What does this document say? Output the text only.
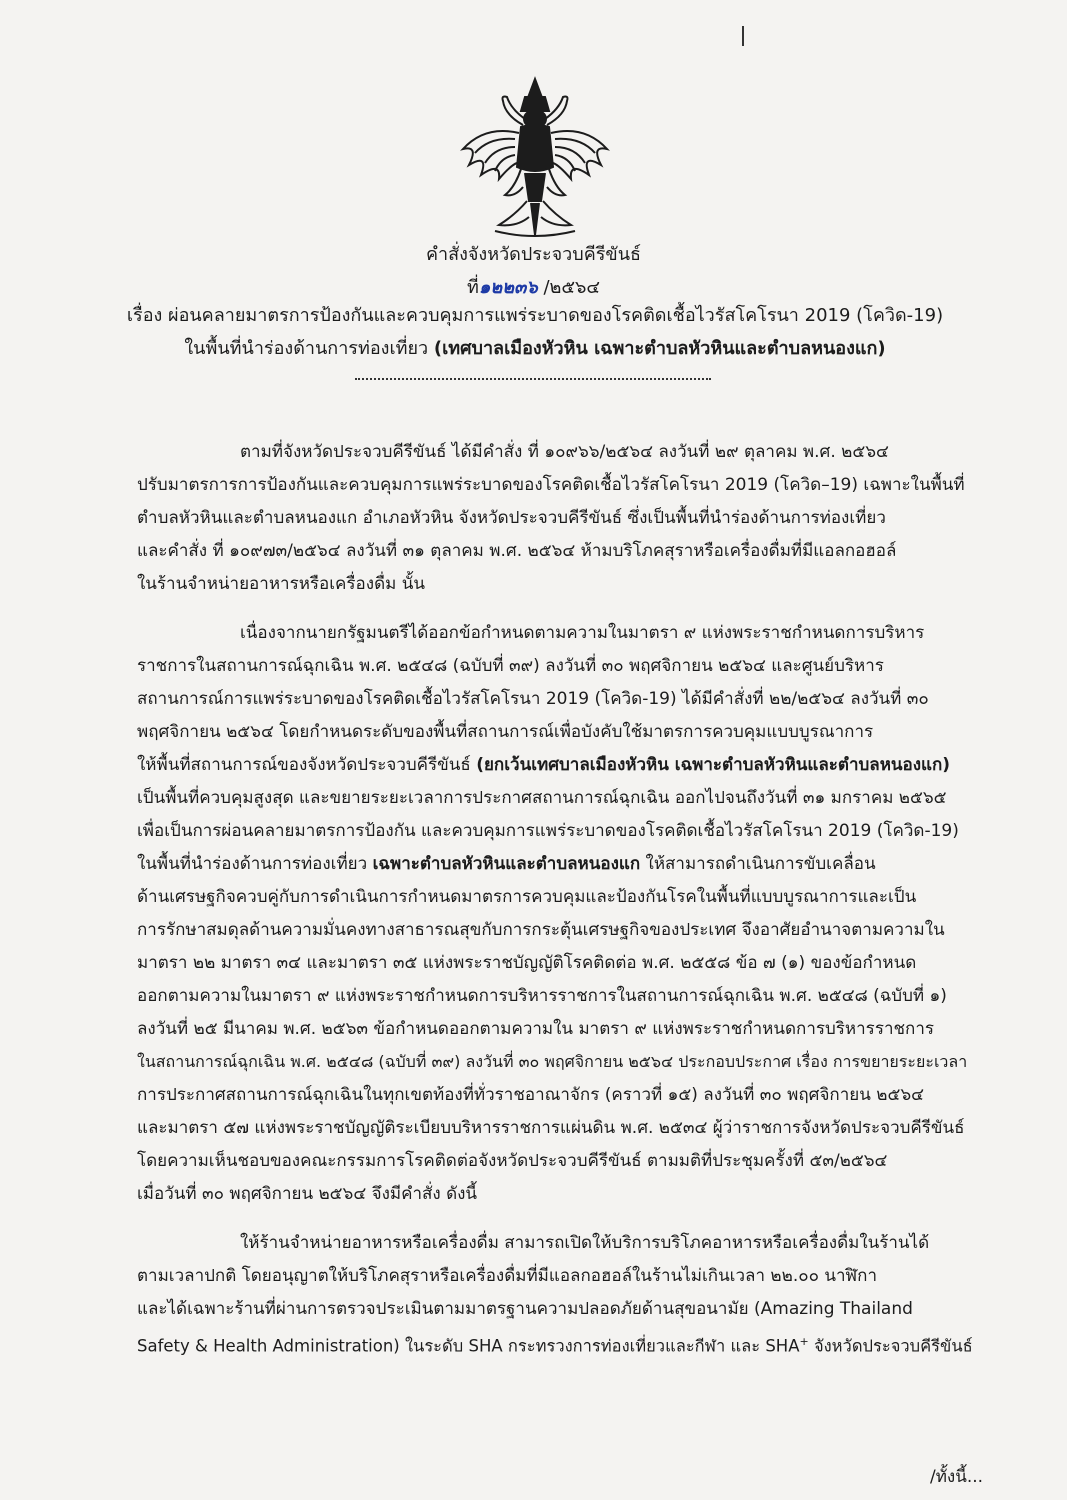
คำสั่งจังหวัดประจวบคีรีขันธ์
ที่๑๒๒๓๖ /๒๕๖๔
เรื่อง ผ่อนคลายมาตรการป้องกันและควบคุมการแพร่ระบาดของโรคติดเชื้อไวรัสโคโรนา 2019 (โควิด-19)
ในพื้นที่นำร่องด้านการท่องเที่ยว (เทศบาลเมืองหัวหิน เฉพาะตำบลหัวหินและตำบลหนองแก)
ตามที่จังหวัดประจวบคีรีขันธ์ ได้มีคำสั่ง ที่ ๑๐๙๖๖/๒๕๖๔ ลงวันที่ ๒๙ ตุลาคม พ.ศ. ๒๕๖๔
ปรับมาตรการการป้องกันและควบคุมการแพร่ระบาดของโรคติดเชื้อไวรัสโคโรนา 2019 (โควิด–19) เฉพาะในพื้นที่
ตำบลหัวหินและตำบลหนองแก อำเภอหัวหิน จังหวัดประจวบคีรีขันธ์ ซึ่งเป็นพื้นที่นำร่องด้านการท่องเที่ยว
และคำสั่ง ที่ ๑๐๙๗๓/๒๕๖๔ ลงวันที่ ๓๑ ตุลาคม พ.ศ. ๒๕๖๔ ห้ามบริโภคสุราหรือเครื่องดื่มที่มีแอลกอฮอล์
ในร้านจำหน่ายอาหารหรือเครื่องดื่ม นั้น
เนื่องจากนายกรัฐมนตรีได้ออกข้อกำหนดตามความในมาตรา ๙ แห่งพระราชกำหนดการบริหาร
ราชการในสถานการณ์ฉุกเฉิน พ.ศ. ๒๕๔๘ (ฉบับที่ ๓๙) ลงวันที่ ๓๐ พฤศจิกายน ๒๕๖๔ และศูนย์บริหาร
สถานการณ์การแพร่ระบาดของโรคติดเชื้อไวรัสโคโรนา 2019 (โควิด-19) ได้มีคำสั่งที่ ๒๒/๒๕๖๔ ลงวันที่ ๓๐
พฤศจิกายน ๒๕๖๔ โดยกำหนดระดับของพื้นที่สถานการณ์เพื่อบังคับใช้มาตรการควบคุมแบบบูรณาการ
ให้พื้นที่สถานการณ์ของจังหวัดประจวบคีรีขันธ์ (ยกเว้นเทศบาลเมืองหัวหิน เฉพาะตำบลหัวหินและตำบลหนองแก)
เป็นพื้นที่ควบคุมสูงสุด และขยายระยะเวลาการประกาศสถานการณ์ฉุกเฉิน ออกไปจนถึงวันที่ ๓๑ มกราคม ๒๕๖๕
เพื่อเป็นการผ่อนคลายมาตรการป้องกัน และควบคุมการแพร่ระบาดของโรคติดเชื้อไวรัสโคโรนา 2019 (โควิด-19)
ในพื้นที่นำร่องด้านการท่องเที่ยว เฉพาะตำบลหัวหินและตำบลหนองแก ให้สามารถดำเนินการขับเคลื่อน
ด้านเศรษฐกิจควบคู่กับการดำเนินการกำหนดมาตรการควบคุมและป้องกันโรคในพื้นที่แบบบูรณาการและเป็น
การรักษาสมดุลด้านความมั่นคงทางสาธารณสุขกับการกระตุ้นเศรษฐกิจของประเทศ จึงอาศัยอำนาจตามความใน
มาตรา ๒๒ มาตรา ๓๔ และมาตรา ๓๕ แห่งพระราชบัญญัติโรคติดต่อ พ.ศ. ๒๕๕๘ ข้อ ๗ (๑) ของข้อกำหนด
ออกตามความในมาตรา ๙ แห่งพระราชกำหนดการบริหารราชการในสถานการณ์ฉุกเฉิน พ.ศ. ๒๕๔๘ (ฉบับที่ ๑)
ลงวันที่ ๒๕ มีนาคม พ.ศ. ๒๕๖๓ ข้อกำหนดออกตามความใน มาตรา ๙ แห่งพระราชกำหนดการบริหารราชการ
ในสถานการณ์ฉุกเฉิน พ.ศ. ๒๕๔๘ (ฉบับที่ ๓๙) ลงวันที่ ๓๐ พฤศจิกายน ๒๕๖๔ ประกอบประกาศ เรื่อง การขยายระยะเวลา
การประกาศสถานการณ์ฉุกเฉินในทุกเขตท้องที่ทั่วราชอาณาจักร (คราวที่ ๑๕) ลงวันที่ ๓๐ พฤศจิกายน ๒๕๖๔
และมาตรา ๕๗ แห่งพระราชบัญญัติระเบียบบริหารราชการแผ่นดิน พ.ศ. ๒๕๓๔ ผู้ว่าราชการจังหวัดประจวบคีรีขันธ์
โดยความเห็นชอบของคณะกรรมการโรคติดต่อจังหวัดประจวบคีรีขันธ์ ตามมติที่ประชุมครั้งที่ ๕๓/๒๕๖๔
เมื่อวันที่ ๓๐ พฤศจิกายน ๒๕๖๔ จึงมีคำสั่ง ดังนี้
ให้ร้านจำหน่ายอาหารหรือเครื่องดื่ม สามารถเปิดให้บริการบริโภคอาหารหรือเครื่องดื่มในร้านได้
ตามเวลาปกติ โดยอนุญาตให้บริโภคสุราหรือเครื่องดื่มที่มีแอลกอฮอล์ในร้านไม่เกินเวลา ๒๒.๐๐ นาฬิกา
และได้เฉพาะร้านที่ผ่านการตรวจประเมินตามมาตรฐานความปลอดภัยด้านสุขอนามัย (Amazing Thailand
Safety & Health Administration) ในระดับ SHA กระทรวงการท่องเที่ยวและกีฬา และ SHA+ จังหวัดประจวบคีรีขันธ์
/ทั้งนี้...
